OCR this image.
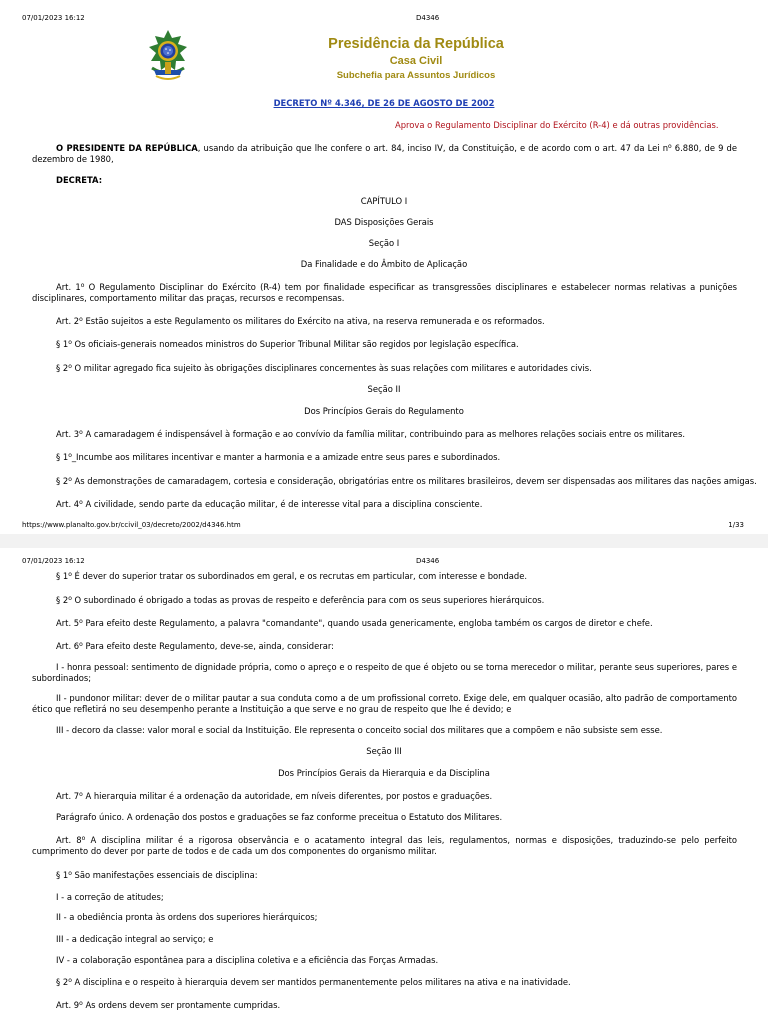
07/01/2023 16:12	D4346
Presidência da República
Casa Civil
Subchefia para Assuntos Jurídicos
DECRETO Nº 4.346, DE 26 DE AGOSTO DE 2002
Aprova o Regulamento Disciplinar do Exército (R-4) e dá outras providências.
O PRESIDENTE DA REPÚBLICA, usando da atribuição que lhe confere o art. 84, inciso IV, da Constituição, e de acordo com o art. 47 da Lei $n^o$ 6.880, de 9 de dezembro de 1980,
DECRETA:
CAPÍTULO I
DAS Disposições Gerais
Seção I
Da Finalidade e do Âmbito de Aplicação
Art. 1$^o$ O Regulamento Disciplinar do Exército (R-4) tem por finalidade especificar as transgressões disciplinares e estabelecer normas relativas a punições disciplinares, comportamento militar das praças, recursos e recompensas.
Art. 2$^o$ Estão sujeitos a este Regulamento os militares do Exército na ativa, na reserva remunerada e os reformados.
§ 1$^o$ Os oficiais-generais nomeados ministros do Superior Tribunal Militar são regidos por legislação específica.
§ 2$^o$ O militar agregado fica sujeito às obrigações disciplinares concernentes às suas relações com militares e autoridades civis.
Seção II
Dos Princípios Gerais do Regulamento
Art. 3$^o$ A camaradagem é indispensável à formação e ao convívio da família militar, contribuindo para as melhores relações sociais entre os militares.
§ 1$^o$_Incumbe aos militares incentivar e manter a harmonia e a amizade entre seus pares e subordinados.
§ 2$^o$ As demonstrações de camaradagem, cortesia e consideração, obrigatórias entre os militares brasileiros, devem ser dispensadas aos militares das nações amigas.
Art. 4$^o$ A civilidade, sendo parte da educação militar, é de interesse vital para a disciplina consciente.
https://www.planalto.gov.br/ccivil_03/decreto/2002/d4346.htm	1/33
07/01/2023 16:12	D4346
§ 1$^o$ É dever do superior tratar os subordinados em geral, e os recrutas em particular, com interesse e bondade.
§ 2$^o$ O subordinado é obrigado a todas as provas de respeito e deferência para com os seus superiores hierárquicos.
Art. 5$^o$ Para efeito deste Regulamento, a palavra "comandante", quando usada genericamente, engloba também os cargos de diretor e chefe.
Art. 6$^o$ Para efeito deste Regulamento, deve-se, ainda, considerar:
I - honra pessoal: sentimento de dignidade própria, como o apreço e o respeito de que é objeto ou se torna merecedor o militar, perante seus superiores, pares e subordinados;
II - pundonor militar: dever de o militar pautar a sua conduta como a de um profissional correto. Exige dele, em qualquer ocasião, alto padrão de comportamento ético que refletirá no seu desempenho perante a Instituição a que serve e no grau de respeito que lhe é devido; e
III - decoro da classe: valor moral e social da Instituição. Ele representa o conceito social dos militares que a compõem e não subsiste sem esse.
Seção III
Dos Princípios Gerais da Hierarquia e da Disciplina
Art. 7$^o$ A hierarquia militar é a ordenação da autoridade, em níveis diferentes, por postos e graduações.
Parágrafo único. A ordenação dos postos e graduações se faz conforme preceitua o Estatuto dos Militares.
Art. 8$^o$ A disciplina militar é a rigorosa observância e o acatamento integral das leis, regulamentos, normas e disposições, traduzindo-se pelo perfeito cumprimento do dever por parte de todos e de cada um dos componentes do organismo militar.
§ 1$^o$ São manifestações essenciais de disciplina:
I - a correção de atitudes;
II - a obediência pronta às ordens dos superiores hierárquicos;
III - a dedicação integral ao serviço; e
IV - a colaboração espontânea para a disciplina coletiva e a eficiência das Forças Armadas.
§ 2$^o$ A disciplina e o respeito à hierarquia devem ser mantidos permanentemente pelos militares na ativa e na inatividade.
Art. 9$^o$ As ordens devem ser prontamente cumpridas.
